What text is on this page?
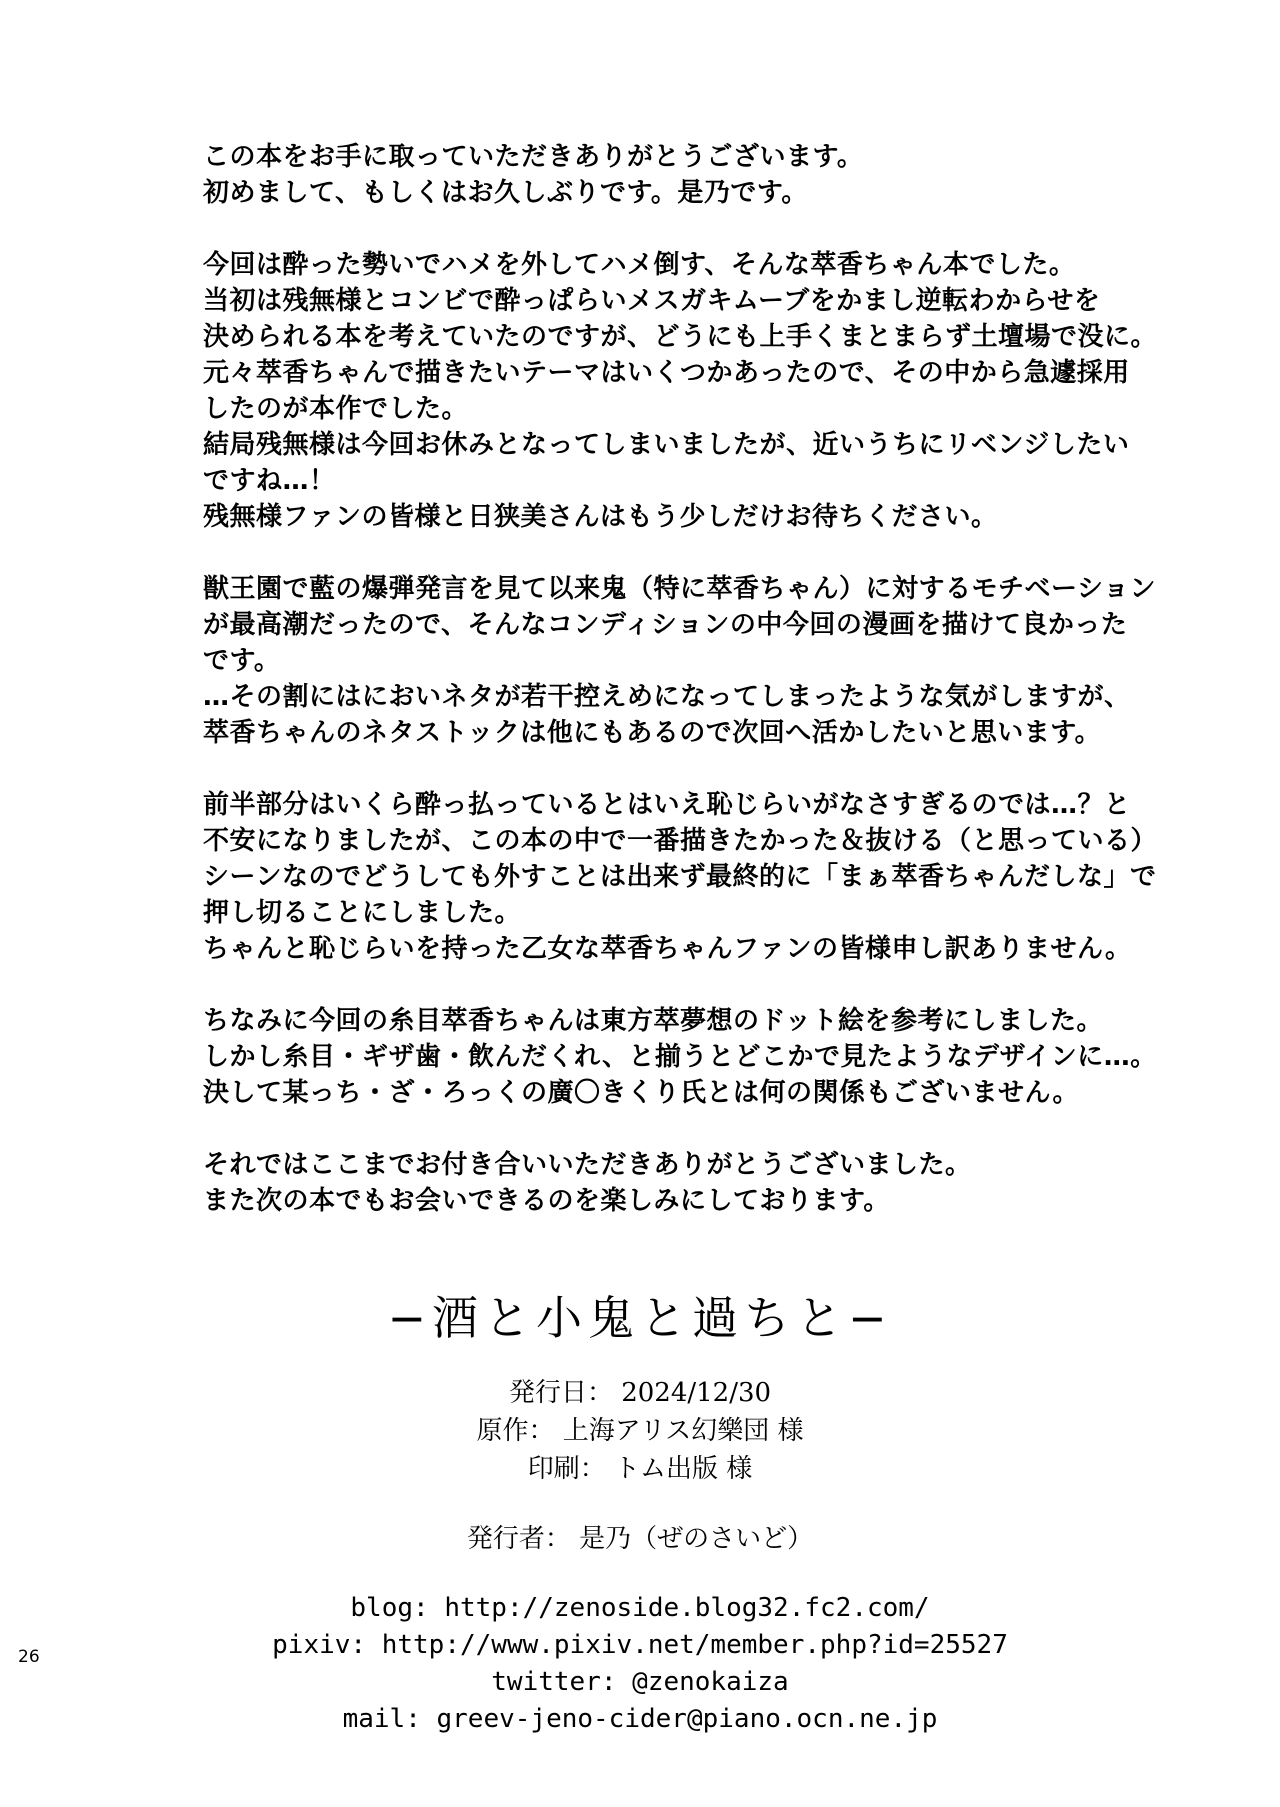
この本をお手に取っていただきありがとうございます。
初めまして、もしくはお久しぶりです。是乃です。
今回は酔った勢いでハメを外してハメ倒す、そんな萃香ちゃん本でした。
当初は残無様とコンビで酔っぱらいメスガキムーブをかまし逆転わからせを
決められる本を考えていたのですが、どうにも上手くまとまらず土壇場で没に。
元々萃香ちゃんで描きたいテーマはいくつかあったので、その中から急遽採用
したのが本作でした。
結局残無様は今回お休みとなってしまいましたが、近いうちにリベンジしたい
ですね…！
残無様ファンの皆様と日狭美さんはもう少しだけお待ちください。
獣王園で藍の爆弾発言を見て以来鬼（特に萃香ちゃん）に対するモチベーション
が最高潮だったので、そんなコンディションの中今回の漫画を描けて良かった
です。
…その割にはにおいネタが若干控えめになってしまったような気がしますが、
萃香ちゃんのネタストックは他にもあるので次回へ活かしたいと思います。
前半部分はいくら酔っ払っているとはいえ恥じらいがなさすぎるのでは…？と
不安になりましたが、この本の中で一番描きたかった＆抜ける（と思っている）
シーンなのでどうしても外すことは出来ず最終的に「まぁ萃香ちゃんだしな」で
押し切ることにしました。
ちゃんと恥じらいを持った乙女な萃香ちゃんファンの皆様申し訳ありません。
ちなみに今回の糸目萃香ちゃんは東方萃夢想のドット絵を参考にしました。
しかし糸目・ギザ歯・飲んだくれ、と揃うとどこかで見たようなデザインに…。
決して某っち・ざ・ろっくの廣〇きくり氏とは何の関係もございません。
それではここまでお付き合いいただきありがとうございました。
また次の本でもお会いできるのを楽しみにしております。
−酒と小鬼と過ちと−
発行日： 2024/12/30
原作： 上海アリス幻樂団 様
印刷： トム出版 様
発行者： 是乃（ぜのさいど）
blog: http://zenoside.blog32.fc2.com/
pixiv: http://www.pixiv.net/member.php?id=25527
twitter: @zenokaiza
mail: greev-jeno-cider@piano.ocn.ne.jp
26
